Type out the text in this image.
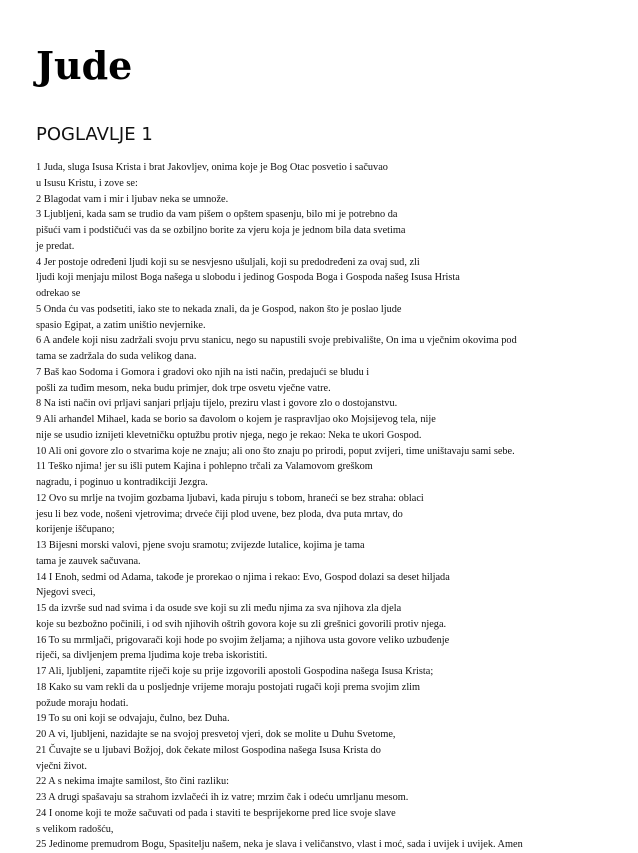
Jude
POGLAVLJE 1
1 Juda, sluga Isusa Krista i brat Jakovljev, onima koje je Bog Otac posvetio i sačuvao
u Isusu Kristu, i zove se:
2 Blagodat vam i mir i ljubav neka se umnože.
3 Ljubljeni, kada sam se trudio da vam pišem o opštem spasenju, bilo mi je potrebno da
pišući vam i podstičući vas da se ozbiljno borite za vjeru koja je jednom bila data svetima
je predat.
4 Jer postoje određeni ljudi koji su se nesvjesno ušuljali, koji su predodređeni za ovaj sud, zli
ljudi koji menjaju milost Boga našega u slobodu i jedinog Gospoda Boga i Gospoda našeg Isusa Hrista
odrekao se
5 Onda ću vas podsetiti, iako ste to nekada znali, da je Gospod, nakon što je poslao ljude
spasio Egipat, a zatim uništio nevjernike.
6 A anđele koji nisu zadržali svoju prvu stanicu, nego su napustili svoje prebivalište, On ima u vječnim okovima pod
tama se zadržala do suda velikog dana.
7 Baš kao Sodoma i Gomora i gradovi oko njih na isti način, predajući se bludu i
pošli za tuđim mesom, neka budu primjer, dok trpe osvetu vječne vatre.
8 Na isti način ovi prljavi sanjari prljaju tijelo, preziru vlast i govore zlo o dostojanstvu.
9 Ali arhanđel Mihael, kada se borio sa đavolom o kojem je raspravljao oko Mojsijevog tela, nije
nije se usudio iznijeti klevetničku optužbu protiv njega, nego je rekao: Neka te ukori Gospod.
10 Ali oni govore zlo o stvarima koje ne znaju; ali ono što znaju po prirodi, poput zvijeri, time uništavaju sami sebe.
11 Teško njima! jer su išli putem Kajina i pohlepno trčali za Valamovom greškom
nagradu, i poginuo u kontradikciji Jezgra.
12 Ovo su mrlje na tvojim gozbama ljubavi, kada piruju s tobom, hraneći se bez straha: oblaci
jesu li bez vode, nošeni vjetrovima; drveće čiji plod uvene, bez ploda, dva puta mrtav, do
korijenje iščupano;
13 Bijesni morski valovi, pjene svoju sramotu; zvijezde lutalice, kojima je tama
tama je zauvek sačuvana.
14 I Enoh, sedmi od Adama, takođe je prorekao o njima i rekao: Evo, Gospod dolazi sa deset hiljada
Njegovi sveci,
15 da izvrše sud nad svima i da osude sve koji su zli među njima za sva njihova zla djela
koje su bezbožno počinili, i od svih njihovih oštrih govora koje su zli grešnici govorili protiv njega.
16 To su mrmljači, prigovarači koji hode po svojim željama; a njihova usta govore veliko uzbuđenje
riječi, sa divljenjem prema ljudima koje treba iskoristiti.
17 Ali, ljubljeni, zapamtite riječi koje su prije izgovorili apostoli Gospodina našega Isusa Krista;
18 Kako su vam rekli da u posljednje vrijeme moraju postojati rugači koji prema svojim zlim
požude moraju hodati.
19 To su oni koji se odvajaju, čulno, bez Duha.
20 A vi, ljubljeni, nazidajte se na svojoj presvetoj vjeri, dok se molite u Duhu Svetome,
21 Čuvajte se u ljubavi Božjoj, dok čekate milost Gospodina našega Isusa Krista do
vječni život.
22 A s nekima imajte samilost, što čini razliku:
23 A drugi spašavaju sa strahom izvlačeći ih iz vatre; mrzim čak i odeću umrljanu mesom.
24 I onome koji te može sačuvati od pada i staviti te besprijekorne pred lice svoje slave
s velikom radošću,
25 Jedinome premudrom Bogu, Spasitelju našem, neka je slava i veličanstvo, vlast i moć, sada i uvijek i uvijek. Amen
